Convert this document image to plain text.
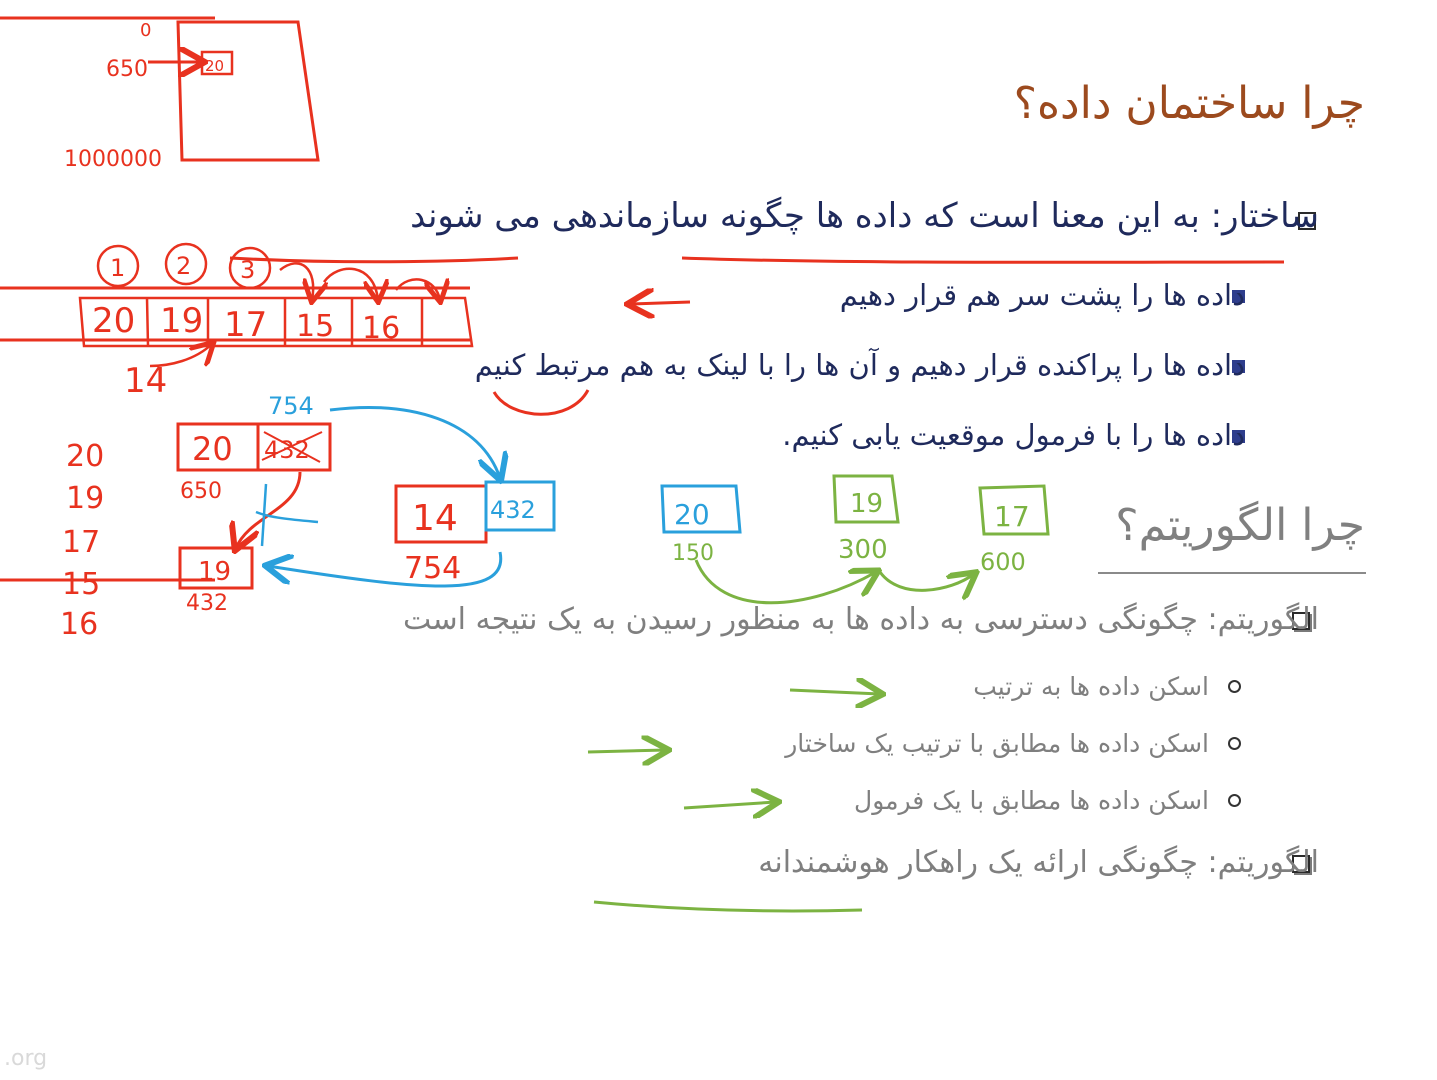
چرا ساختمان داده؟
ساختار: به این معنا است که داده ها چگونه سازماندهی می شوند
داده ها را پشت سر هم قرار دهیم
داده ها را پراکنده قرار دهیم و آن ها را با لینک به هم مرتبط کنیم
داده ها را با فرمول موقعیت یابی کنیم.
چرا الگوریتم؟
الگوریتم: چگونگی دسترسی به داده ها به منظور رسیدن به یک نتیجه است
اسکن داده ها به ترتیب
اسکن داده ها مطابق با ترتیب یک ساختار
اسکن داده ها مطابق با یک فرمول
الگوریتم: چگونگی ارائه یک راهکار هوشمندانه
.org
0
650	20
1000000
1 2 3
20 19 17 15 16
14
20 432
754
650
14 432
754
19
432
20
19
17
15
16
20
150
19
300
17
600
